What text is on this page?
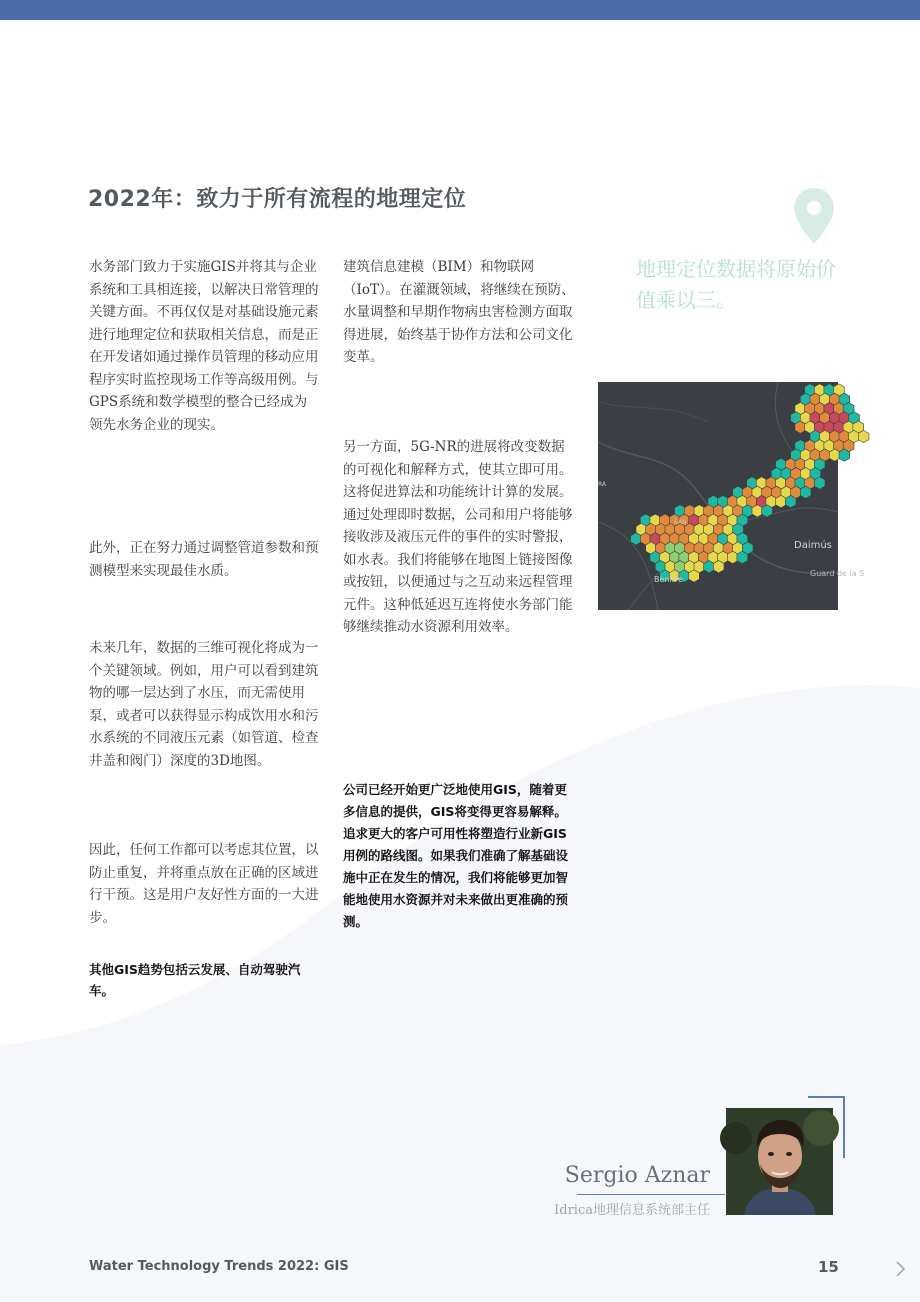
2022年：致力于所有流程的地理定位
地理定位数据将原始价值乘以三。
Daimús
Guard de la S
Benirre
SAN
RA
水务部门致力于实施GIS并将其与企业系统和工具相连接，以解决日常管理的关键方面。不再仅仅是对基础设施元素进行地理定位和获取相关信息，而是正在开发诸如通过操作员管理的移动应用程序实时监控现场工作等高级用例。与GPS系统和数学模型的整合已经成为领先水务企业的现实。
此外，正在努力通过调整管道参数和预测模型来实现最佳水质。
未来几年，数据的三维可视化将成为一个关键领域。例如，用户可以看到建筑物的哪一层达到了水压，而无需使用泵，或者可以获得显示构成饮用水和污水系统的不同液压元素（如管道、检查井盖和阀门）深度的3D地图。
因此，任何工作都可以考虑其位置，以防止重复，并将重点放在正确的区域进行干预。这是用户友好性方面的一大进步。
其他GIS趋势包括云发展、自动驾驶汽车。
建筑信息建模（BIM）和物联网（IoT）。在灌溉领域，将继续在预防、水量调整和早期作物病虫害检测方面取得进展，始终基于协作方法和公司文化变革。
另一方面，5G-NR的进展将改变数据的可视化和解释方式，使其立即可用。这将促进算法和功能统计计算的发展。通过处理即时数据，公司和用户将能够接收涉及液压元件的事件的实时警报，如水表。我们将能够在地图上链接图像或按钮，以便通过与之互动来远程管理元件。这种低延迟互连将使水务部门能够继续推动水资源利用效率。
公司已经开始更广泛地使用GIS，随着更多信息的提供，GIS将变得更容易解释。追求更大的客户可用性将塑造行业新GIS用例的路线图。如果我们准确了解基础设施中正在发生的情况，我们将能够更加智能地使用水资源并对未来做出更准确的预测。
Sergio Aznar
Idrica地理信息系统部主任
Water Technology Trends 2022: GIS	15
